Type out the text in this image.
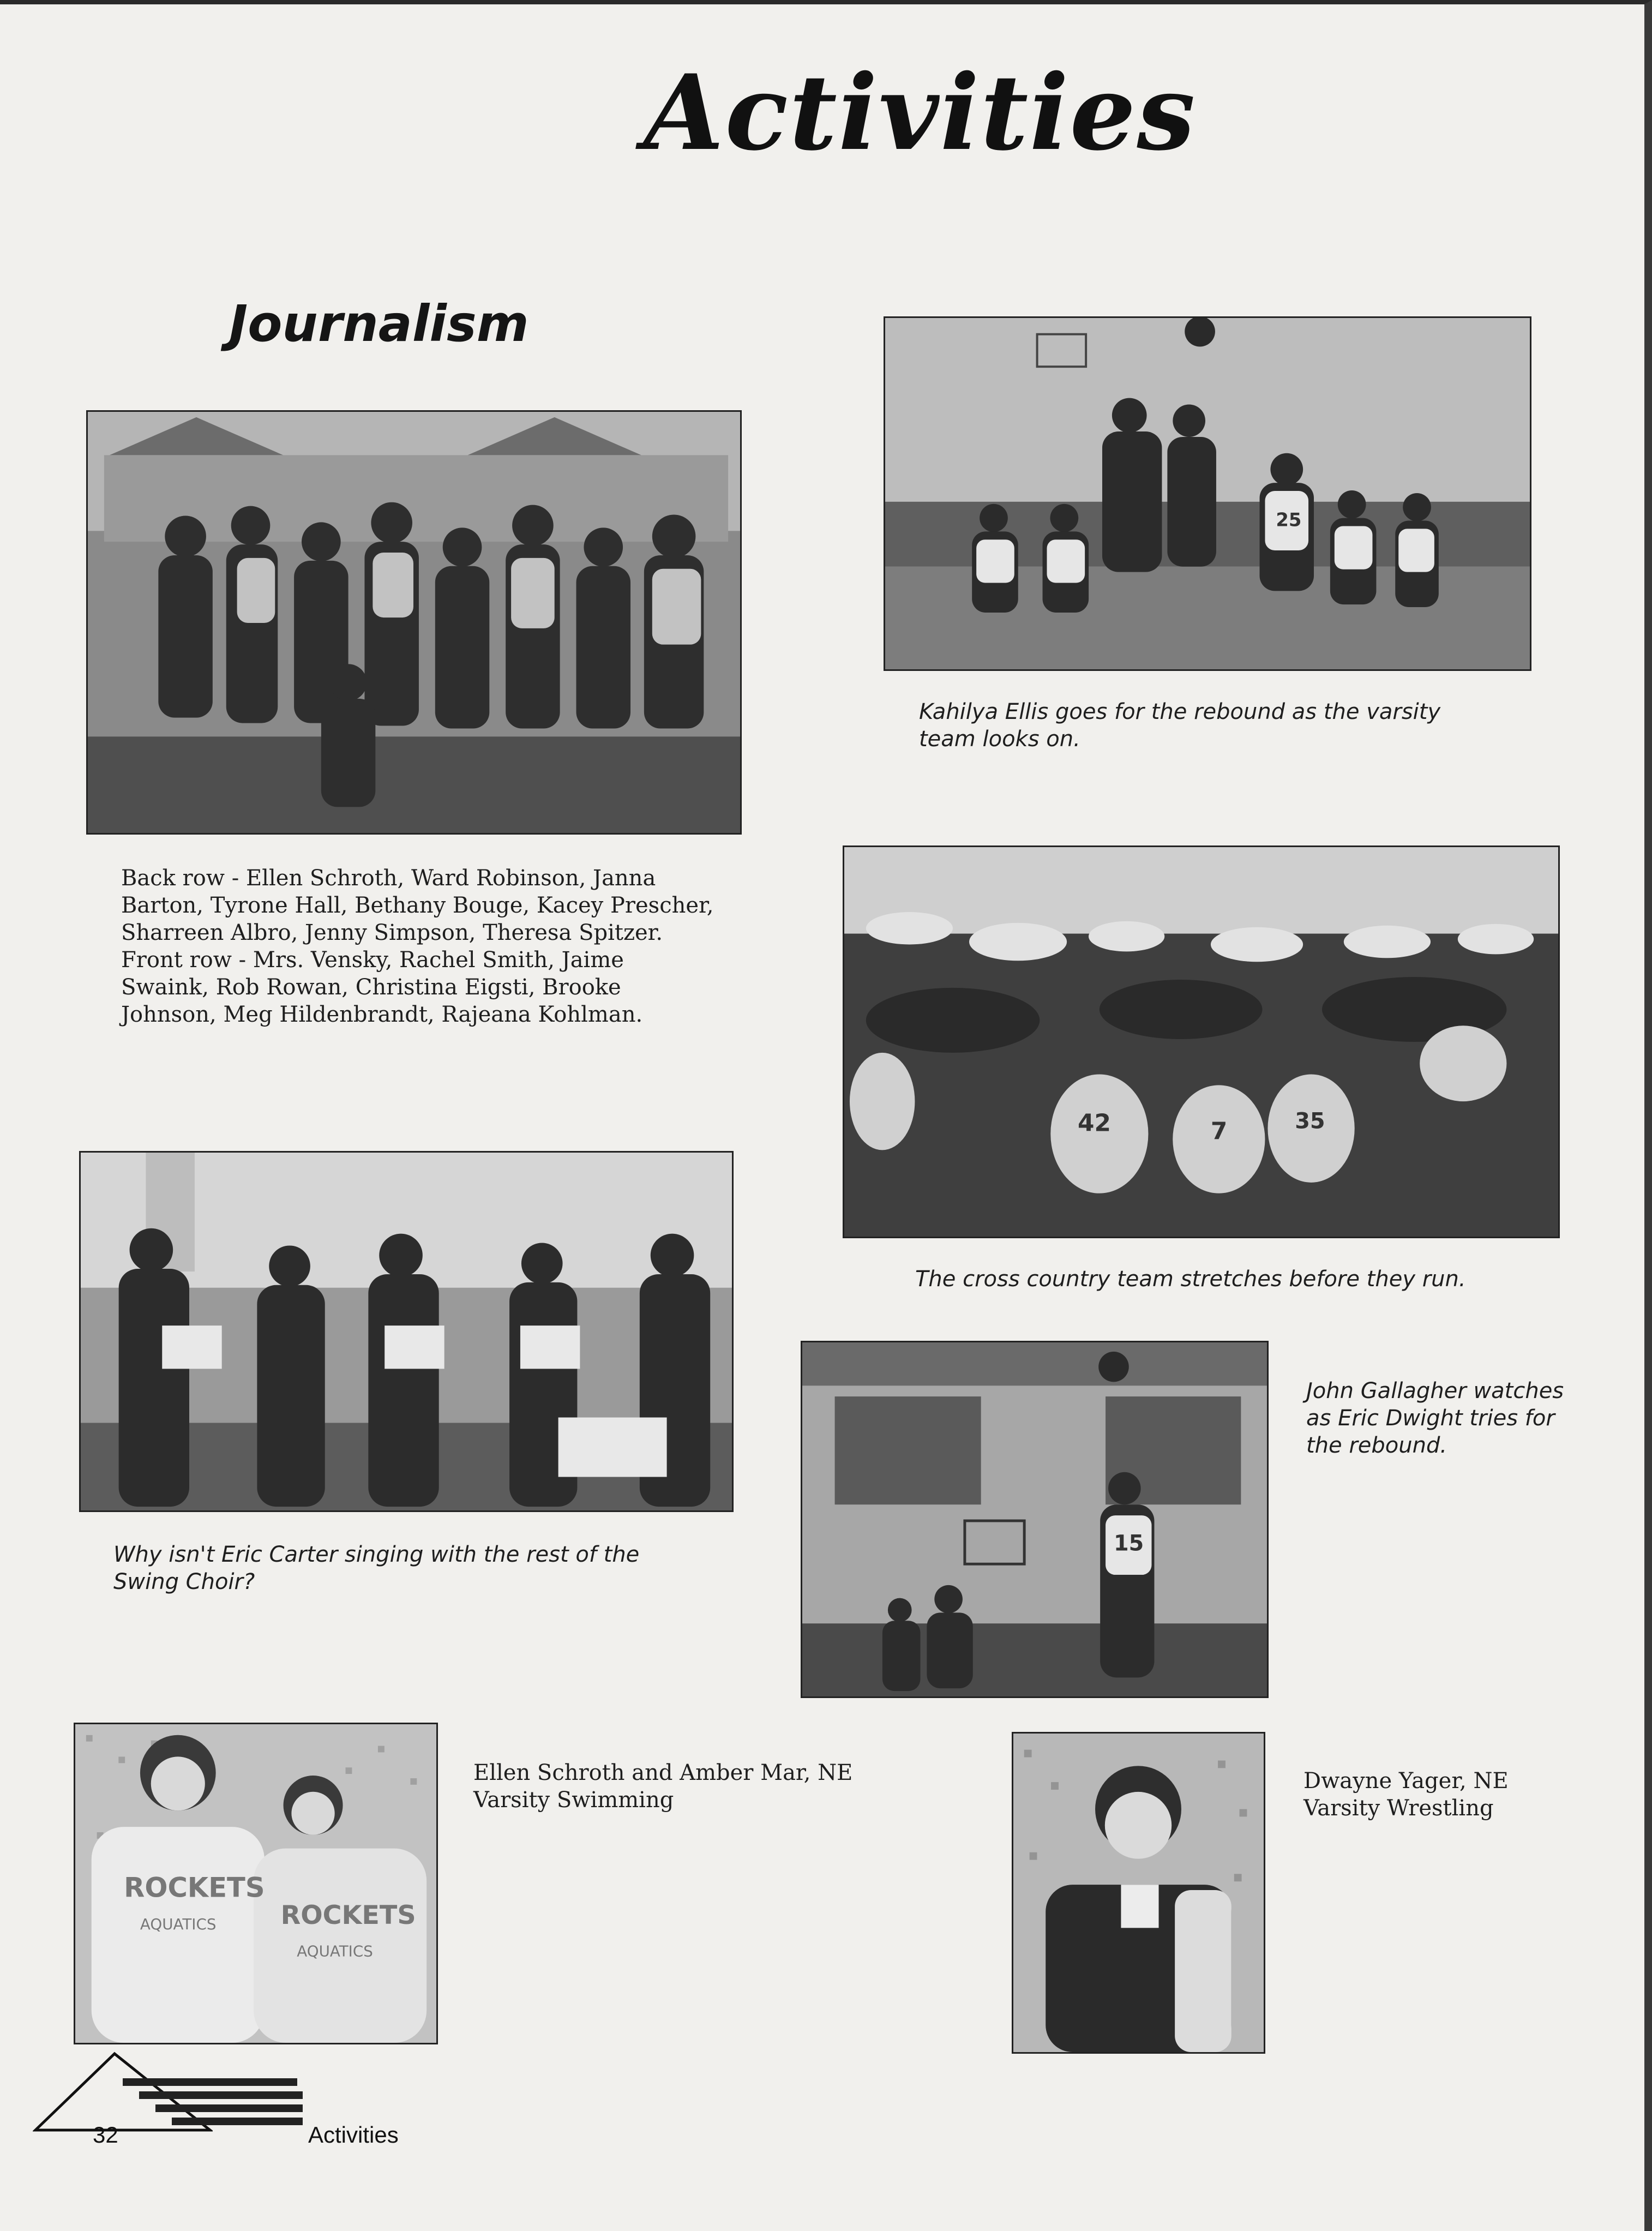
Activities
Journalism
25
Kahilya Ellis goes for the rebound as the varsity team looks on.
Back row - Ellen Schroth, Ward Robinson, Janna Barton, Tyrone Hall, Bethany Bouge, Kacey Prescher, Sharreen Albro, Jenny Simpson, Theresa Spitzer. Front row - Mrs. Vensky, Rachel Smith, Jaime Swaink, Rob Rowan, Christina Eigsti, Brooke Johnson, Meg Hildenbrandt, Rajeana Kohlman.
42	7	35
The cross country team stretches before they run.
Why isn't Eric Carter singing with the rest of the Swing Choir?
15
John Gallagher watches as Eric Dwight tries for the rebound.
ROCKETS
AQUATICS ROCKETS
AQUATICS
Ellen Schroth and Amber Mar, NE Varsity Swimming
Dwayne Yager, NE Varsity Wrestling
32	Activities
